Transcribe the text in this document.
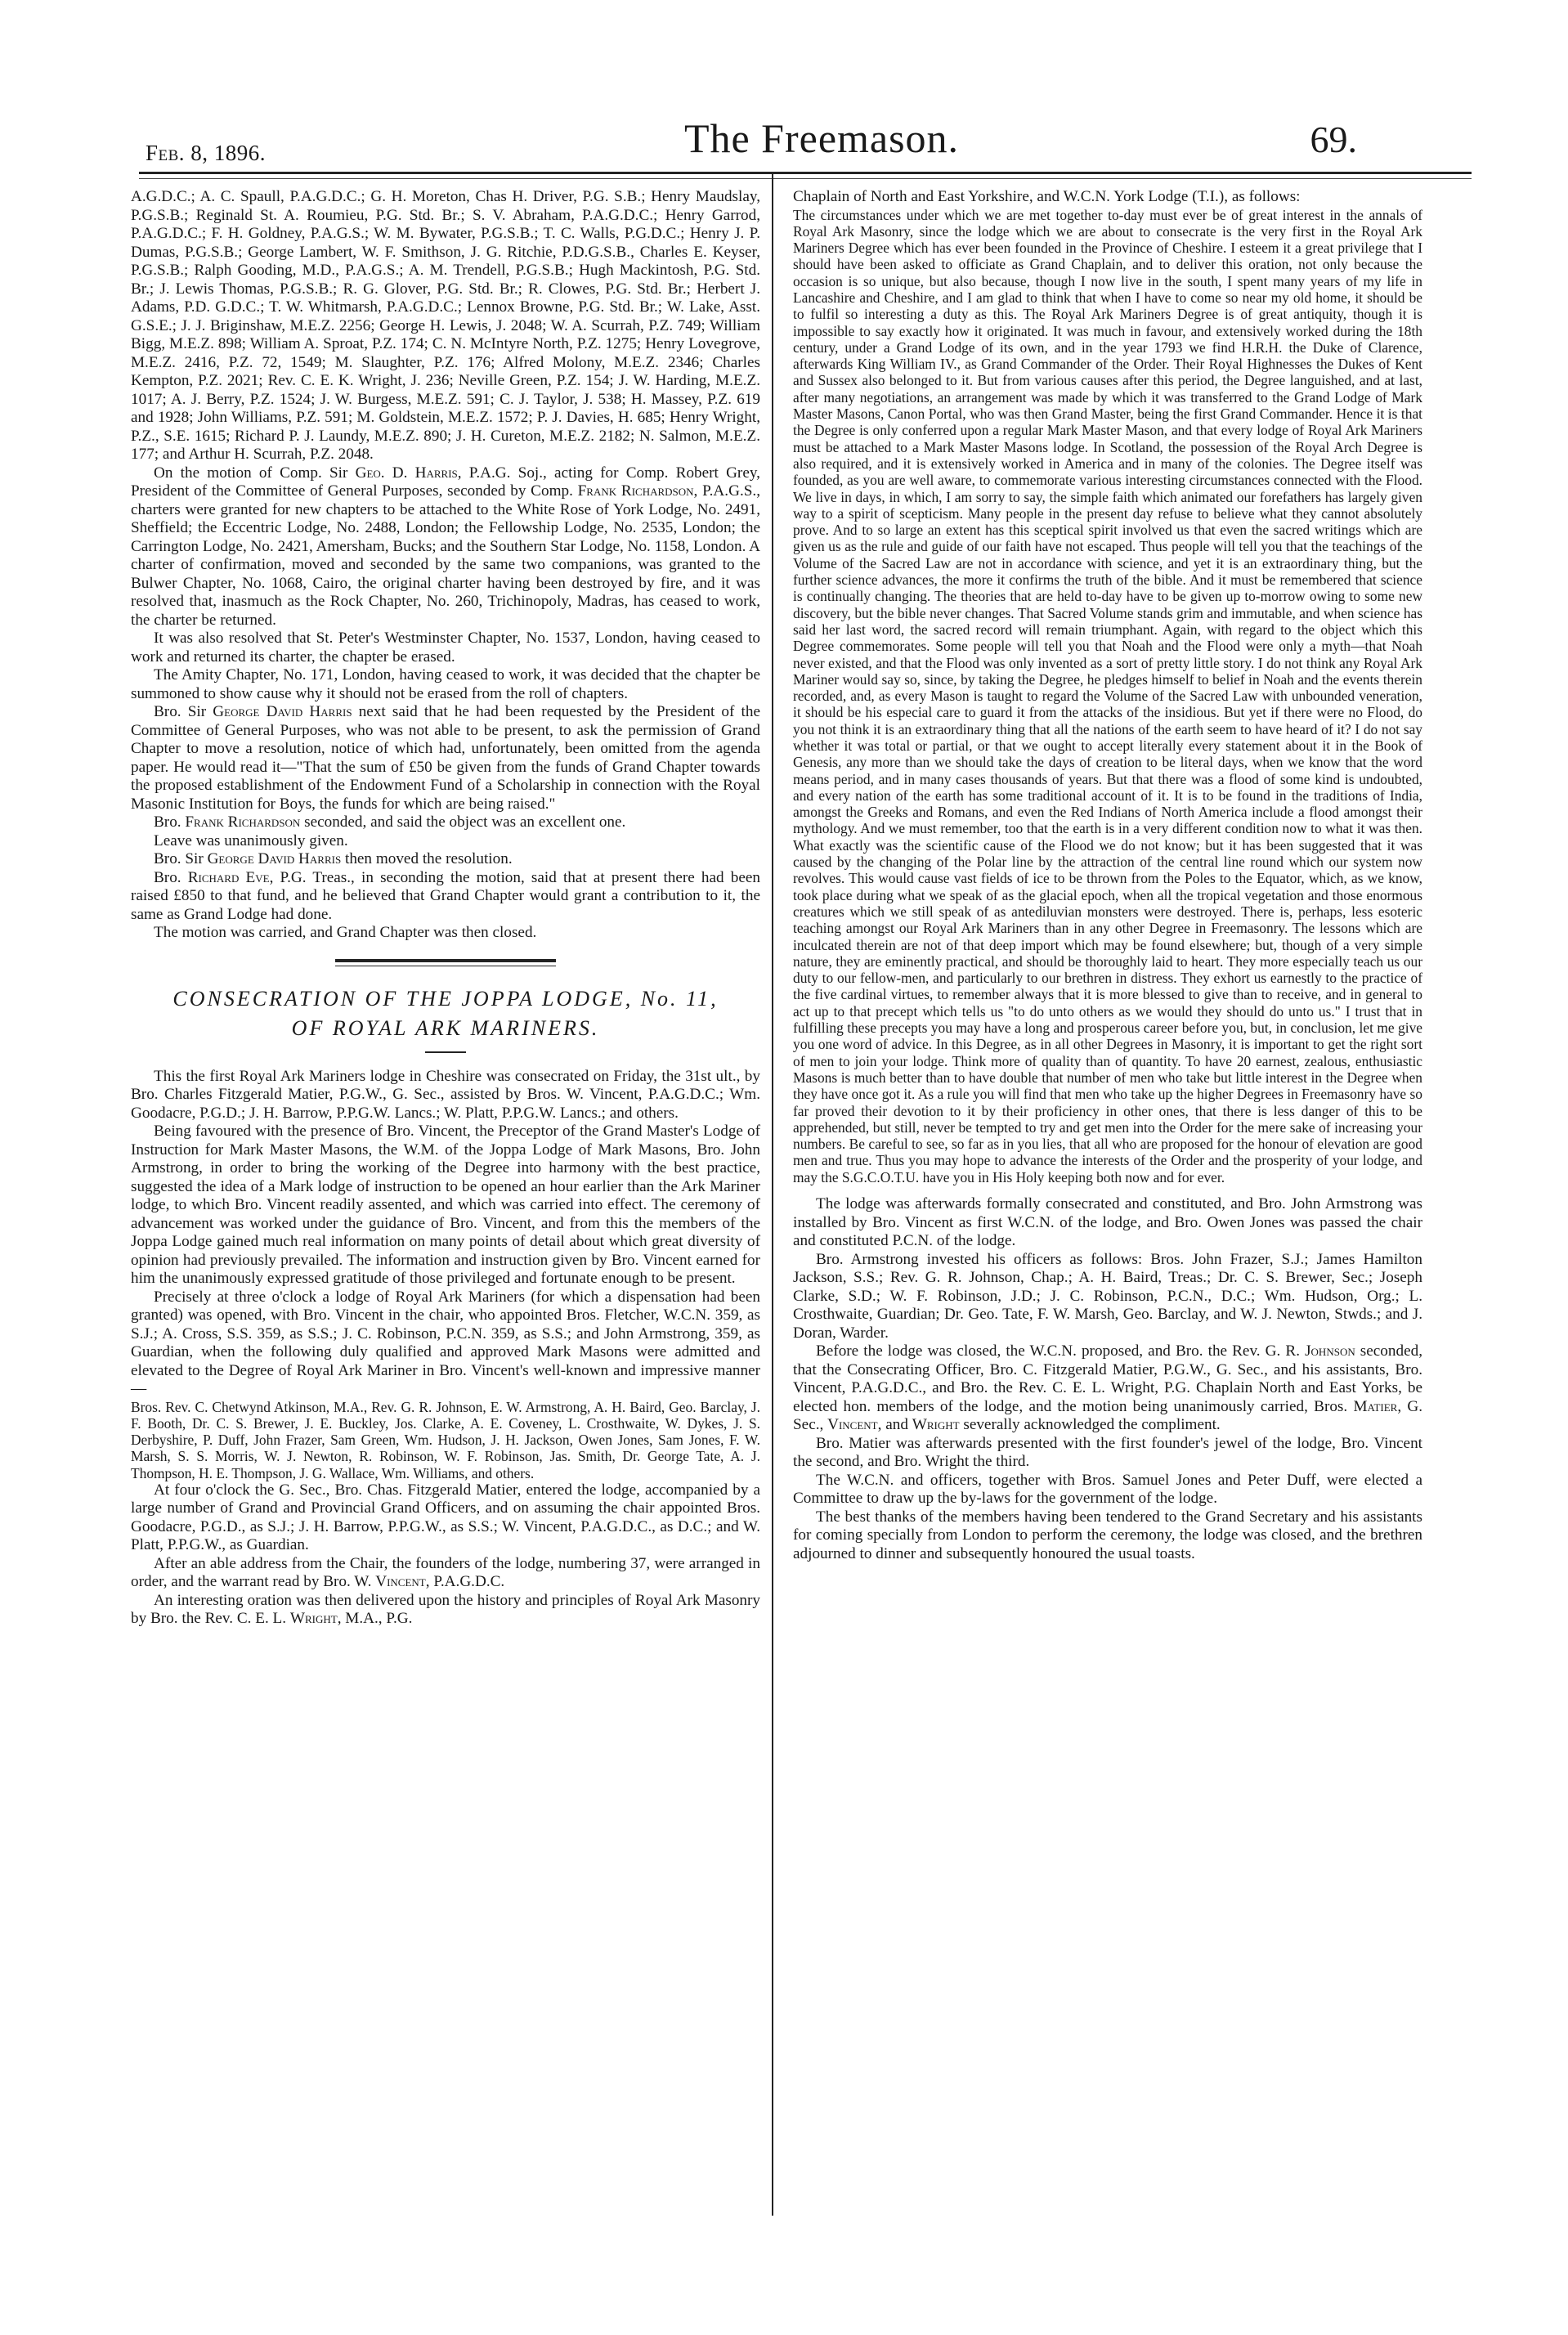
Feb. 8, 1896.	The Freemason.	69.

A.G.D.C.; A. C. Spaull, P.A.G.D.C.; G. H. Moreton, Chas H. Driver, P.G. S.B.; Henry Maudslay, P.G.S.B.; Reginald St. A. Roumieu, P.G. Std. Br.; S. V. Abraham, P.A.G.D.C.; Henry Garrod, P.A.G.D.C.; F. H. Goldney, P.A.G.S.; W. M. Bywater, P.G.S.B.; T. C. Walls, P.G.D.C.; Henry J. P. Dumas, P.G.S.B.; George Lambert, W. F. Smithson, J. G. Ritchie, P.D.G.S.B., Charles E. Keyser, P.G.S.B.; Ralph Gooding, M.D., P.A.G.S.; A. M. Trendell, P.G.S.B.; Hugh Mackintosh, P.G. Std. Br.; J. Lewis Thomas, P.G.S.B.; R. G. Glover, P.G. Std. Br.; R. Clowes, P.G. Std. Br.; Herbert J. Adams, P.D. G.D.C.; T. W. Whitmarsh, P.A.G.D.C.; Lennox Browne, P.G. Std. Br.; W. Lake, Asst. G.S.E.; J. J. Briginshaw, M.E.Z. 2256; George H. Lewis, J. 2048; W. A. Scurrah, P.Z. 749; William Bigg, M.E.Z. 898; William A. Sproat, P.Z. 174; C. N. McIntyre North, P.Z. 1275; Henry Lovegrove, M.E.Z. 2416, P.Z. 72, 1549; M. Slaughter, P.Z. 176; Alfred Molony, M.E.Z. 2346; Charles Kempton, P.Z. 2021; Rev. C. E. K. Wright, J. 236; Neville Green, P.Z. 154; J. W. Harding, M.E.Z. 1017; A. J. Berry, P.Z. 1524; J. W. Burgess, M.E.Z. 591; C. J. Taylor, J. 538; H. Massey, P.Z. 619 and 1928; John Williams, P.Z. 591; M. Goldstein, M.E.Z. 1572; P. J. Davies, H. 685; Henry Wright, P.Z., S.E. 1615; Richard P. J. Laundy, M.E.Z. 890; J. H. Cureton, M.E.Z. 2182; N. Salmon, M.E.Z. 177; and Arthur H. Scurrah, P.Z. 2048.

On the motion of Comp. Sir Geo. D. Harris, P.A.G. Soj., acting for Comp. Robert Grey, President of the Committee of General Purposes, seconded by Comp. Frank Richardson, P.A.G.S., charters were granted for new chapters to be attached to the White Rose of York Lodge, No. 2491, Sheffield; the Eccentric Lodge, No. 2488, London; the Fellowship Lodge, No. 2535, London; the Carrington Lodge, No. 2421, Amersham, Bucks; and the Southern Star Lodge, No. 1158, London. A charter of confirmation, moved and seconded by the same two companions, was granted to the Bulwer Chapter, No. 1068, Cairo, the original charter having been destroyed by fire, and it was resolved that, inasmuch as the Rock Chapter, No. 260, Trichinopoly, Madras, has ceased to work, the charter be returned.

It was also resolved that St. Peter's Westminster Chapter, No. 1537, London, having ceased to work and returned its charter, the chapter be erased.

The Amity Chapter, No. 171, London, having ceased to work, it was decided that the chapter be summoned to show cause why it should not be erased from the roll of chapters.

Bro. Sir George David Harris next said that he had been requested by the President of the Committee of General Purposes, who was not able to be present, to ask the permission of Grand Chapter to move a resolution, notice of which had, unfortunately, been omitted from the agenda paper. He would read it—"That the sum of £50 be given from the funds of Grand Chapter towards the proposed establishment of the Endowment Fund of a Scholarship in connection with the Royal Masonic Institution for Boys, the funds for which are being raised."

Bro. Frank Richardson seconded, and said the object was an excellent one.

Leave was unanimously given.

Bro. Sir George David Harris then moved the resolution.

Bro. Richard Eve, P.G. Treas., in seconding the motion, said that at present there had been raised £850 to that fund, and he believed that Grand Chapter would grant a contribution to it, the same as Grand Lodge had done.

The motion was carried, and Grand Chapter was then closed.

CONSECRATION OF THE JOPPA LODGE, No. 11,
OF ROYAL ARK MARINERS.

This the first Royal Ark Mariners lodge in Cheshire was consecrated on Friday, the 31st ult., by Bro. Charles Fitzgerald Matier, P.G.W., G. Sec., assisted by Bros. W. Vincent, P.A.G.D.C.; Wm. Goodacre, P.G.D.; J. H. Barrow, P.P.G.W. Lancs.; W. Platt, P.P.G.W. Lancs.; and others.

Being favoured with the presence of Bro. Vincent, the Preceptor of the Grand Master's Lodge of Instruction for Mark Master Masons, the W.M. of the Joppa Lodge of Mark Masons, Bro. John Armstrong, in order to bring the working of the Degree into harmony with the best practice, suggested the idea of a Mark lodge of instruction to be opened an hour earlier than the Ark Mariner lodge, to which Bro. Vincent readily assented, and which was carried into effect. The ceremony of advancement was worked under the guidance of Bro. Vincent, and from this the members of the Joppa Lodge gained much real information on many points of detail about which great diversity of opinion had previously prevailed. The information and instruction given by Bro. Vincent earned for him the unanimously expressed gratitude of those privileged and fortunate enough to be present.

Precisely at three o'clock a lodge of Royal Ark Mariners (for which a dispensation had been granted) was opened, with Bro. Vincent in the chair, who appointed Bros. Fletcher, W.C.N. 359, as S.J.; A. Cross, S.S. 359, as S.S.; J. C. Robinson, P.C.N. 359, as S.S.; and John Armstrong, 359, as Guardian, when the following duly qualified and approved Mark Masons were admitted and elevated to the Degree of Royal Ark Mariner in Bro. Vincent's well-known and impressive manner—

Bros. Rev. C. Chetwynd Atkinson, M.A., Rev. G. R. Johnson, E. W. Armstrong, A. H. Baird, Geo. Barclay, J. F. Booth, Dr. C. S. Brewer, J. E. Buckley, Jos. Clarke, A. E. Coveney, L. Crosthwaite, W. Dykes, J. S. Derbyshire, P. Duff, John Frazer, Sam Green, Wm. Hudson, J. H. Jackson, Owen Jones, Sam Jones, F. W. Marsh, S. S. Morris, W. J. Newton, R. Robinson, W. F. Robinson, Jas. Smith, Dr. George Tate, A. J. Thompson, H. E. Thompson, J. G. Wallace, Wm. Williams, and others.

At four o'clock the G. Sec., Bro. Chas. Fitzgerald Matier, entered the lodge, accompanied by a large number of Grand and Provincial Grand Officers, and on assuming the chair appointed Bros. Goodacre, P.G.D., as S.J.; J. H. Barrow, P.P.G.W., as S.S.; W. Vincent, P.A.G.D.C., as D.C.; and W. Platt, P.P.G.W., as Guardian.

After an able address from the Chair, the founders of the lodge, numbering 37, were arranged in order, and the warrant read by Bro. W. Vincent, P.A.G.D.C.

An interesting oration was then delivered upon the history and principles of Royal Ark Masonry by Bro. the Rev. C. E. L. Wright, M.A., P.G.

Chaplain of North and East Yorkshire, and W.C.N. York Lodge (T.I.), as follows:

The circumstances under which we are met together to-day must ever be of great interest in the annals of Royal Ark Masonry, since the lodge which we are about to consecrate is the very first in the Royal Ark Mariners Degree which has ever been founded in the Province of Cheshire. I esteem it a great privilege that I should have been asked to officiate as Grand Chaplain, and to deliver this oration, not only because the occasion is so unique, but also because, though I now live in the south, I spent many years of my life in Lancashire and Cheshire, and I am glad to think that when I have to come so near my old home, it should be to fulfil so interesting a duty as this. The Royal Ark Mariners Degree is of great antiquity, though it is impossible to say exactly how it originated. It was much in favour, and extensively worked during the 18th century, under a Grand Lodge of its own, and in the year 1793 we find H.R.H. the Duke of Clarence, afterwards King William IV., as Grand Commander of the Order. Their Royal Highnesses the Dukes of Kent and Sussex also belonged to it. But from various causes after this period, the Degree languished, and at last, after many negotiations, an arrangement was made by which it was transferred to the Grand Lodge of Mark Master Masons, Canon Portal, who was then Grand Master, being the first Grand Commander. Hence it is that the Degree is only conferred upon a regular Mark Master Mason, and that every lodge of Royal Ark Mariners must be attached to a Mark Master Masons lodge. In Scotland, the possession of the Royal Arch Degree is also required, and it is extensively worked in America and in many of the colonies. The Degree itself was founded, as you are well aware, to commemorate various interesting circumstances connected with the Flood. We live in days, in which, I am sorry to say, the simple faith which animated our forefathers has largely given way to a spirit of scepticism. Many people in the present day refuse to believe what they cannot absolutely prove. And to so large an extent has this sceptical spirit involved us that even the sacred writings which are given us as the rule and guide of our faith have not escaped. Thus people will tell you that the teachings of the Volume of the Sacred Law are not in accordance with science, and yet it is an extraordinary thing, but the further science advances, the more it confirms the truth of the bible. And it must be remembered that science is continually changing. The theories that are held to-day have to be given up to-morrow owing to some new discovery, but the bible never changes. That Sacred Volume stands grim and immutable, and when science has said her last word, the sacred record will remain triumphant. Again, with regard to the object which this Degree commemorates. Some people will tell you that Noah and the Flood were only a myth—that Noah never existed, and that the Flood was only invented as a sort of pretty little story. I do not think any Royal Ark Mariner would say so, since, by taking the Degree, he pledges himself to belief in Noah and the events therein recorded, and, as every Mason is taught to regard the Volume of the Sacred Law with unbounded veneration, it should be his especial care to guard it from the attacks of the insidious. But yet if there were no Flood, do you not think it is an extraordinary thing that all the nations of the earth seem to have heard of it? I do not say whether it was total or partial, or that we ought to accept literally every statement about it in the Book of Genesis, any more than we should take the days of creation to be literal days, when we know that the word means period, and in many cases thousands of years. But that there was a flood of some kind is undoubted, and every nation of the earth has some traditional account of it. It is to be found in the traditions of India, amongst the Greeks and Romans, and even the Red Indians of North America include a flood amongst their mythology. And we must remember, too that the earth is in a very different condition now to what it was then. What exactly was the scientific cause of the Flood we do not know; but it has been suggested that it was caused by the changing of the Polar line by the attraction of the central line round which our system now revolves. This would cause vast fields of ice to be thrown from the Poles to the Equator, which, as we know, took place during what we speak of as the glacial epoch, when all the tropical vegetation and those enormous creatures which we still speak of as antediluvian monsters were destroyed. There is, perhaps, less esoteric teaching amongst our Royal Ark Mariners than in any other Degree in Freemasonry. The lessons which are inculcated therein are not of that deep import which may be found elsewhere; but, though of a very simple nature, they are eminently practical, and should be thoroughly laid to heart. They more especially teach us our duty to our fellow-men, and particularly to our brethren in distress. They exhort us earnestly to the practice of the five cardinal virtues, to remember always that it is more blessed to give than to receive, and in general to act up to that precept which tells us "to do unto others as we would they should do unto us." I trust that in fulfilling these precepts you may have a long and prosperous career before you, but, in conclusion, let me give you one word of advice. In this Degree, as in all other Degrees in Masonry, it is important to get the right sort of men to join your lodge. Think more of quality than of quantity. To have 20 earnest, zealous, enthusiastic Masons is much better than to have double that number of men who take but little interest in the Degree when they have once got it. As a rule you will find that men who take up the higher Degrees in Freemasonry have so far proved their devotion to it by their proficiency in other ones, that there is less danger of this to be apprehended, but still, never be tempted to try and get men into the Order for the mere sake of increasing your numbers. Be careful to see, so far as in you lies, that all who are proposed for the honour of elevation are good men and true. Thus you may hope to advance the interests of the Order and the prosperity of your lodge, and may the S.G.C.O.T.U. have you in His Holy keeping both now and for ever.

The lodge was afterwards formally consecrated and constituted, and Bro. John Armstrong was installed by Bro. Vincent as first W.C.N. of the lodge, and Bro. Owen Jones was passed the chair and constituted P.C.N. of the lodge.

Bro. Armstrong invested his officers as follows: Bros. John Frazer, S.J.; James Hamilton Jackson, S.S.; Rev. G. R. Johnson, Chap.; A. H. Baird, Treas.; Dr. C. S. Brewer, Sec.; Joseph Clarke, S.D.; W. F. Robinson, J.D.; J. C. Robinson, P.C.N., D.C.; Wm. Hudson, Org.; L. Crosthwaite, Guardian; Dr. Geo. Tate, F. W. Marsh, Geo. Barclay, and W. J. Newton, Stwds.; and J. Doran, Warder.

Before the lodge was closed, the W.C.N. proposed, and Bro. the Rev. G. R. Johnson seconded, that the Consecrating Officer, Bro. C. Fitzgerald Matier, P.G.W., G. Sec., and his assistants, Bro. Vincent, P.A.G.D.C., and Bro. the Rev. C. E. L. Wright, P.G. Chaplain North and East Yorks, be elected hon. members of the lodge, and the motion being unanimously carried, Bros. Matier, G. Sec., Vincent, and Wright severally acknowledged the compliment.

Bro. Matier was afterwards presented with the first founder's jewel of the lodge, Bro. Vincent the second, and Bro. Wright the third.

The W.C.N. and officers, together with Bros. Samuel Jones and Peter Duff, were elected a Committee to draw up the by-laws for the government of the lodge.

The best thanks of the members having been tendered to the Grand Secretary and his assistants for coming specially from London to perform the ceremony, the lodge was closed, and the brethren adjourned to dinner and subsequently honoured the usual toasts.
